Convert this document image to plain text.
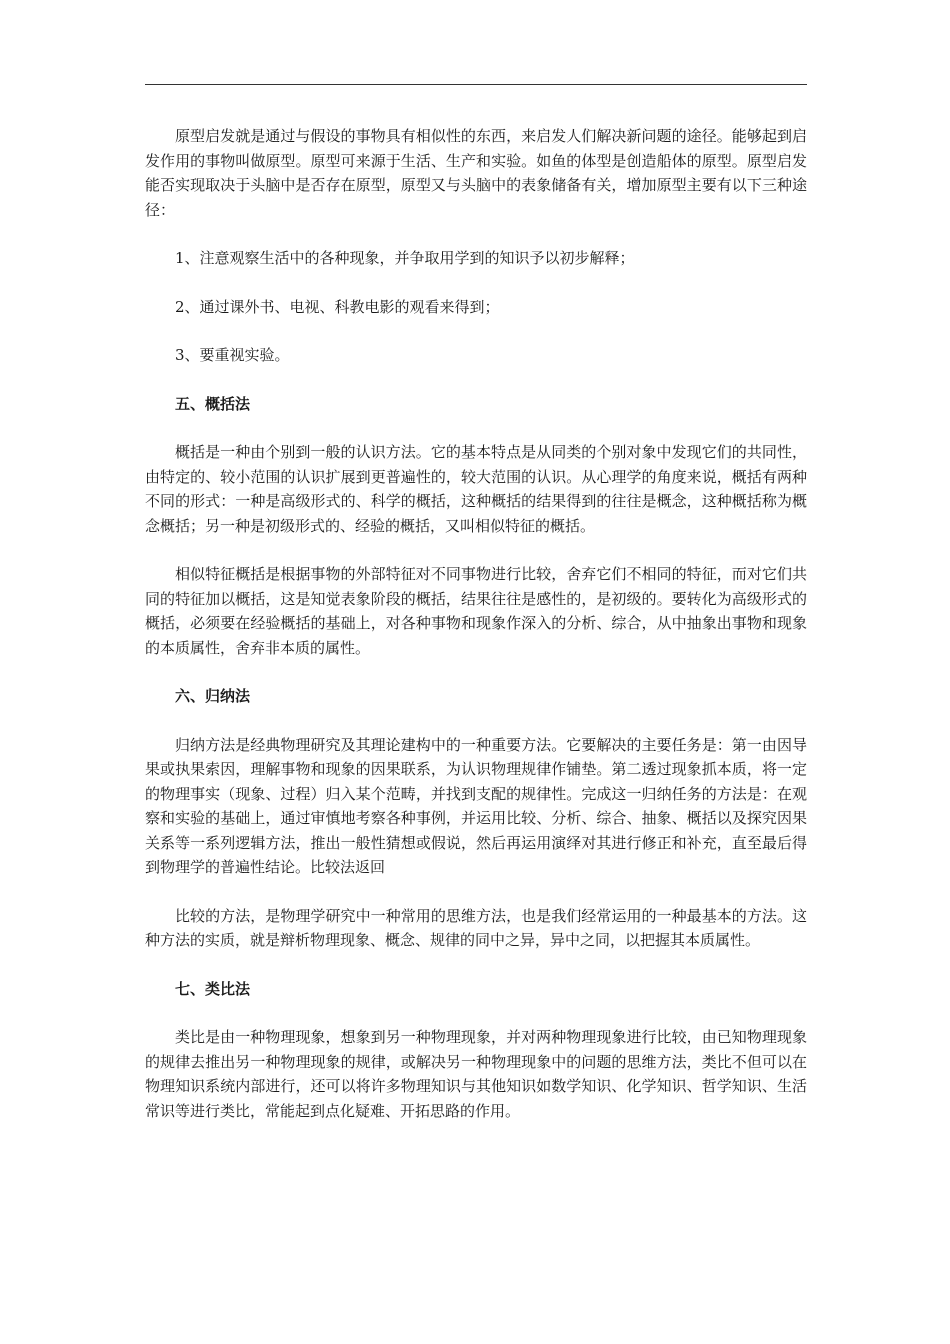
原型启发就是通过与假设的事物具有相似性的东西，来启发人们解决新问题的途径。能够起到启发作用的事物叫做原型。原型可来源于生活、生产和实验。如鱼的体型是创造船体的原型。原型启发能否实现取决于头脑中是否存在原型，原型又与头脑中的表象储备有关，增加原型主要有以下三种途径：

1、注意观察生活中的各种现象，并争取用学到的知识予以初步解释；

2、通过课外书、电视、科教电影的观看来得到；

3、要重视实验。

五、概括法

概括是一种由个别到一般的认识方法。它的基本特点是从同类的个别对象中发现它们的共同性，由特定的、较小范围的认识扩展到更普遍性的，较大范围的认识。从心理学的角度来说，概括有两种不同的形式：一种是高级形式的、科学的概括，这种概括的结果得到的往往是概念，这种概括称为概念概括；另一种是初级形式的、经验的概括，又叫相似特征的概括。

相似特征概括是根据事物的外部特征对不同事物进行比较，舍弃它们不相同的特征，而对它们共同的特征加以概括，这是知觉表象阶段的概括，结果往往是感性的，是初级的。要转化为高级形式的概括，必须要在经验概括的基础上，对各种事物和现象作深入的分析、综合，从中抽象出事物和现象的本质属性，舍弃非本质的属性。

六、归纳法

归纳方法是经典物理研究及其理论建构中的一种重要方法。它要解决的主要任务是：第一由因导果或执果索因，理解事物和现象的因果联系，为认识物理规律作铺垫。第二透过现象抓本质，将一定的物理事实（现象、过程）归入某个范畴，并找到支配的规律性。完成这一归纳任务的方法是：在观察和实验的基础上，通过审慎地考察各种事例，并运用比较、分析、综合、抽象、概括以及探究因果关系等一系列逻辑方法，推出一般性猜想或假说，然后再运用演绎对其进行修正和补充，直至最后得到物理学的普遍性结论。比较法返回

比较的方法，是物理学研究中一种常用的思维方法，也是我们经常运用的一种最基本的方法。这种方法的实质，就是辩析物理现象、概念、规律的同中之异，异中之同，以把握其本质属性。

七、类比法

类比是由一种物理现象，想象到另一种物理现象，并对两种物理现象进行比较，由已知物理现象的规律去推出另一种物理现象的规律，或解决另一种物理现象中的问题的思维方法，类比不但可以在物理知识系统内部进行，还可以将许多物理知识与其他知识如数学知识、化学知识、哲学知识、生活常识等进行类比，常能起到点化疑难、开拓思路的作用。
